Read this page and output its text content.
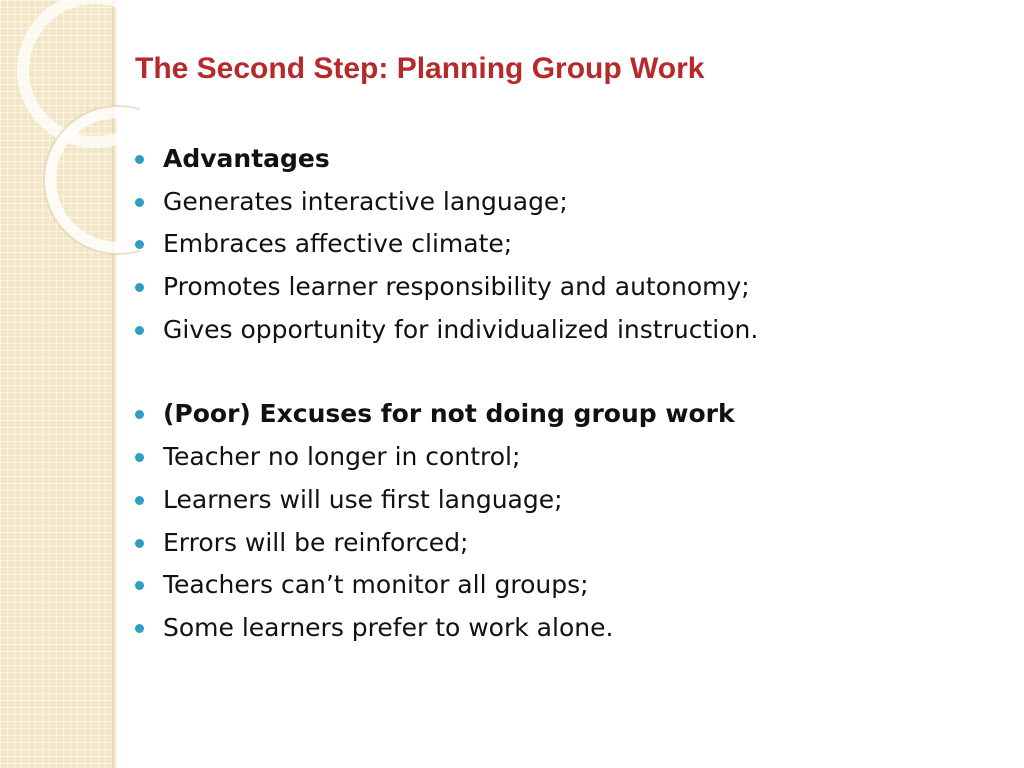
The Second Step: Planning Group Work
Advantages
Generates interactive language;
Embraces affective climate;
Promotes learner responsibility and autonomy;
Gives opportunity for individualized instruction.
(Poor) Excuses for not doing group work
Teacher no longer in control;
Learners will use first language;
Errors will be reinforced;
Teachers can’t monitor all groups;
Some learners prefer to work alone.
